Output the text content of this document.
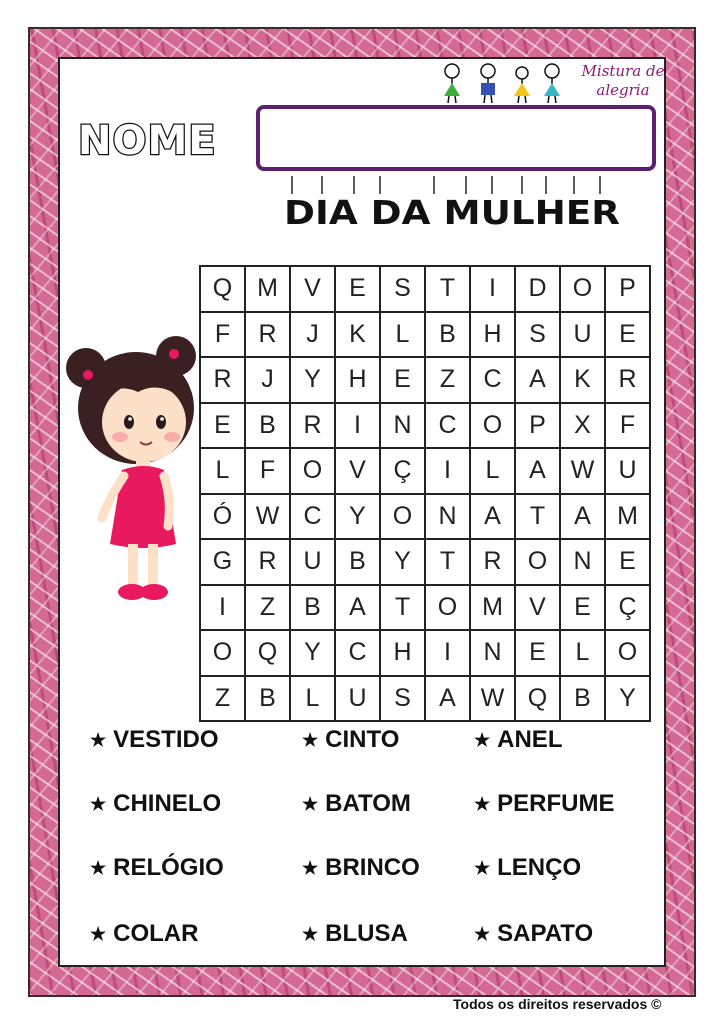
Mistura de
alegria
NOME
DIA DA MULHER
Q	M	V	E	S	T	I	D	O	P
F	R	J	K	L	B	H	S	U	E
R	J	Y	H	E	Z	C	A	K	R
E	B	R	I	N	C	O	P	X	F
L	F	O	V	Ç	I	L	A	W	U
Ó	W	C	Y	O	N	A	T	A	M
G	R	U	B	Y	T	R	O	N	E
I	Z	B	A	T	O	M	V	E	Ç
O	Q	Y	C	H	I	N	E	L	O
Z	B	L	U	S	A	W	Q	B	Y
★ VESTIDO	★ CINTO	★ ANEL
★ CHINELO	★ BATOM	★ PERFUME
★ RELÓGIO	★ BRINCO	★ LENÇO
★ COLAR	★ BLUSA	★ SAPATO
Todos os direitos reservados ©
